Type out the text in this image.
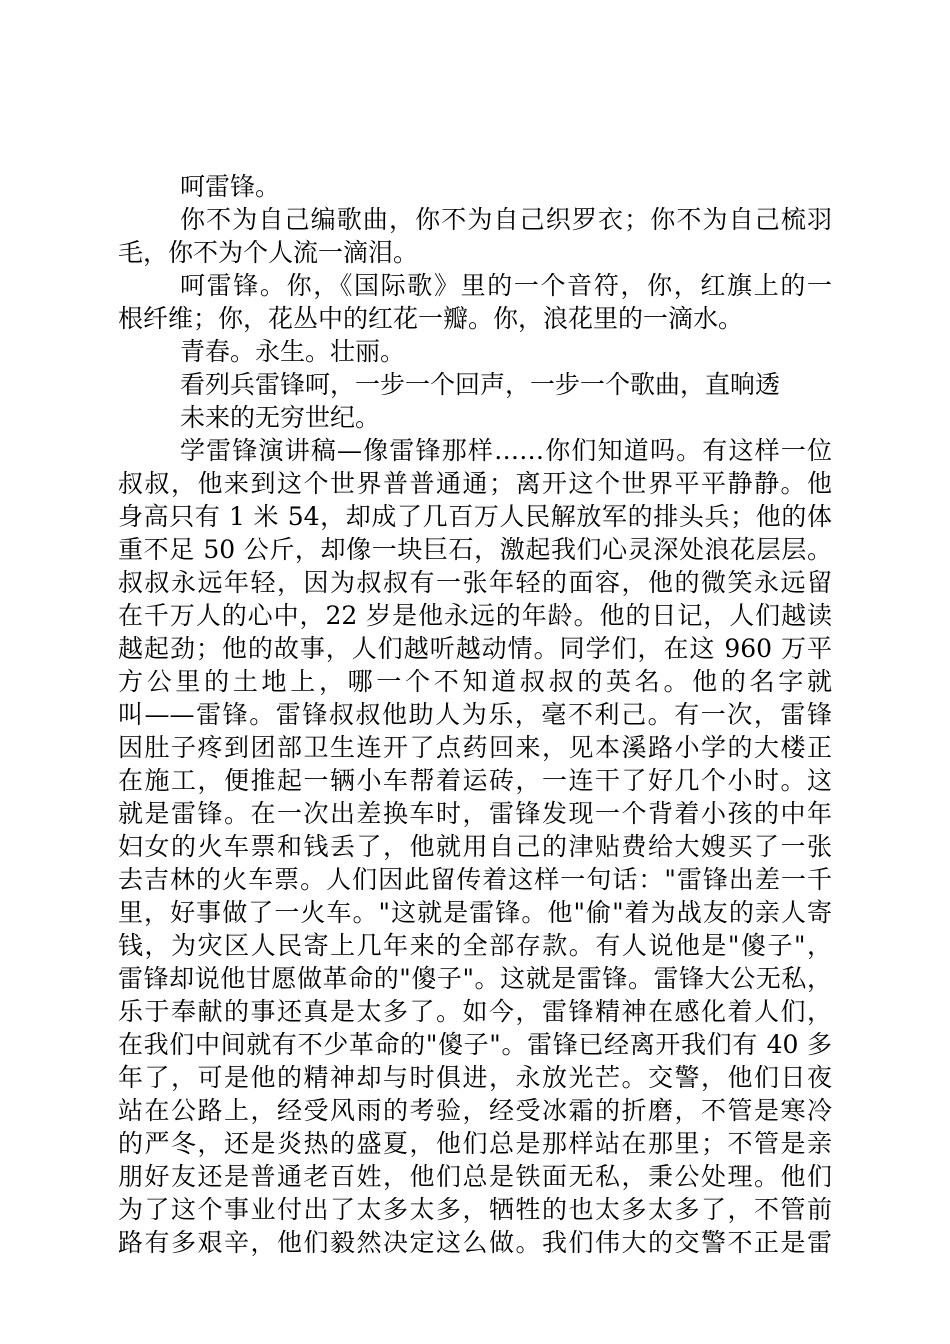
呵雷锋。
你不为自己编歌曲，你不为自己织罗衣；你不为自己梳羽
毛，你不为个人流一滴泪。
呵雷锋。你，《国际歌》里的一个音符，你，红旗上的一
根纤维；你，花丛中的红花一瓣。你，浪花里的一滴水。
青春。永生。壮丽。
看列兵雷锋呵，一步一个回声，一步一个歌曲，直晌透
未来的无穷世纪。
学雷锋演讲稿—像雷锋那样……你们知道吗。有这样一位
叔叔，他来到这个世界普普通通；离开这个世界平平静静。他
身高只有 1 米 54，却成了几百万人民解放军的排头兵；他的体
重不足 50 公斤，却像一块巨石，激起我们心灵深处浪花层层。
叔叔永远年轻，因为叔叔有一张年轻的面容，他的微笑永远留
在千万人的心中，22 岁是他永远的年龄。他的日记，人们越读
越起劲；他的故事，人们越听越动情。同学们，在这 960 万平
方公里的土地上，哪一个不知道叔叔的英名。他的名字就
叫——雷锋。雷锋叔叔他助人为乐，毫不利己。有一次，雷锋
因肚子疼到团部卫生连开了点药回来，见本溪路小学的大楼正
在施工，便推起一辆小车帮着运砖，一连干了好几个小时。这
就是雷锋。在一次出差换车时，雷锋发现一个背着小孩的中年
妇女的火车票和钱丢了，他就用自己的津贴费给大嫂买了一张
去吉林的火车票。人们因此留传着这样一句话："雷锋出差一千
里，好事做了一火车。"这就是雷锋。他"偷"着为战友的亲人寄
钱，为灾区人民寄上几年来的全部存款。有人说他是"傻子"，
雷锋却说他甘愿做革命的"傻子"。这就是雷锋。雷锋大公无私，
乐于奉献的事还真是太多了。如今，雷锋精神在感化着人们，
在我们中间就有不少革命的"傻子"。雷锋已经离开我们有 40 多
年了，可是他的精神却与时俱进，永放光芒。交警，他们日夜
站在公路上，经受风雨的考验，经受冰霜的折磨，不管是寒冷
的严冬，还是炎热的盛夏，他们总是那样站在那里；不管是亲
朋好友还是普通老百姓，他们总是铁面无私，秉公处理。他们
为了这个事业付出了太多太多，牺牲的也太多太多了，不管前
路有多艰辛，他们毅然决定这么做。我们伟大的交警不正是雷
